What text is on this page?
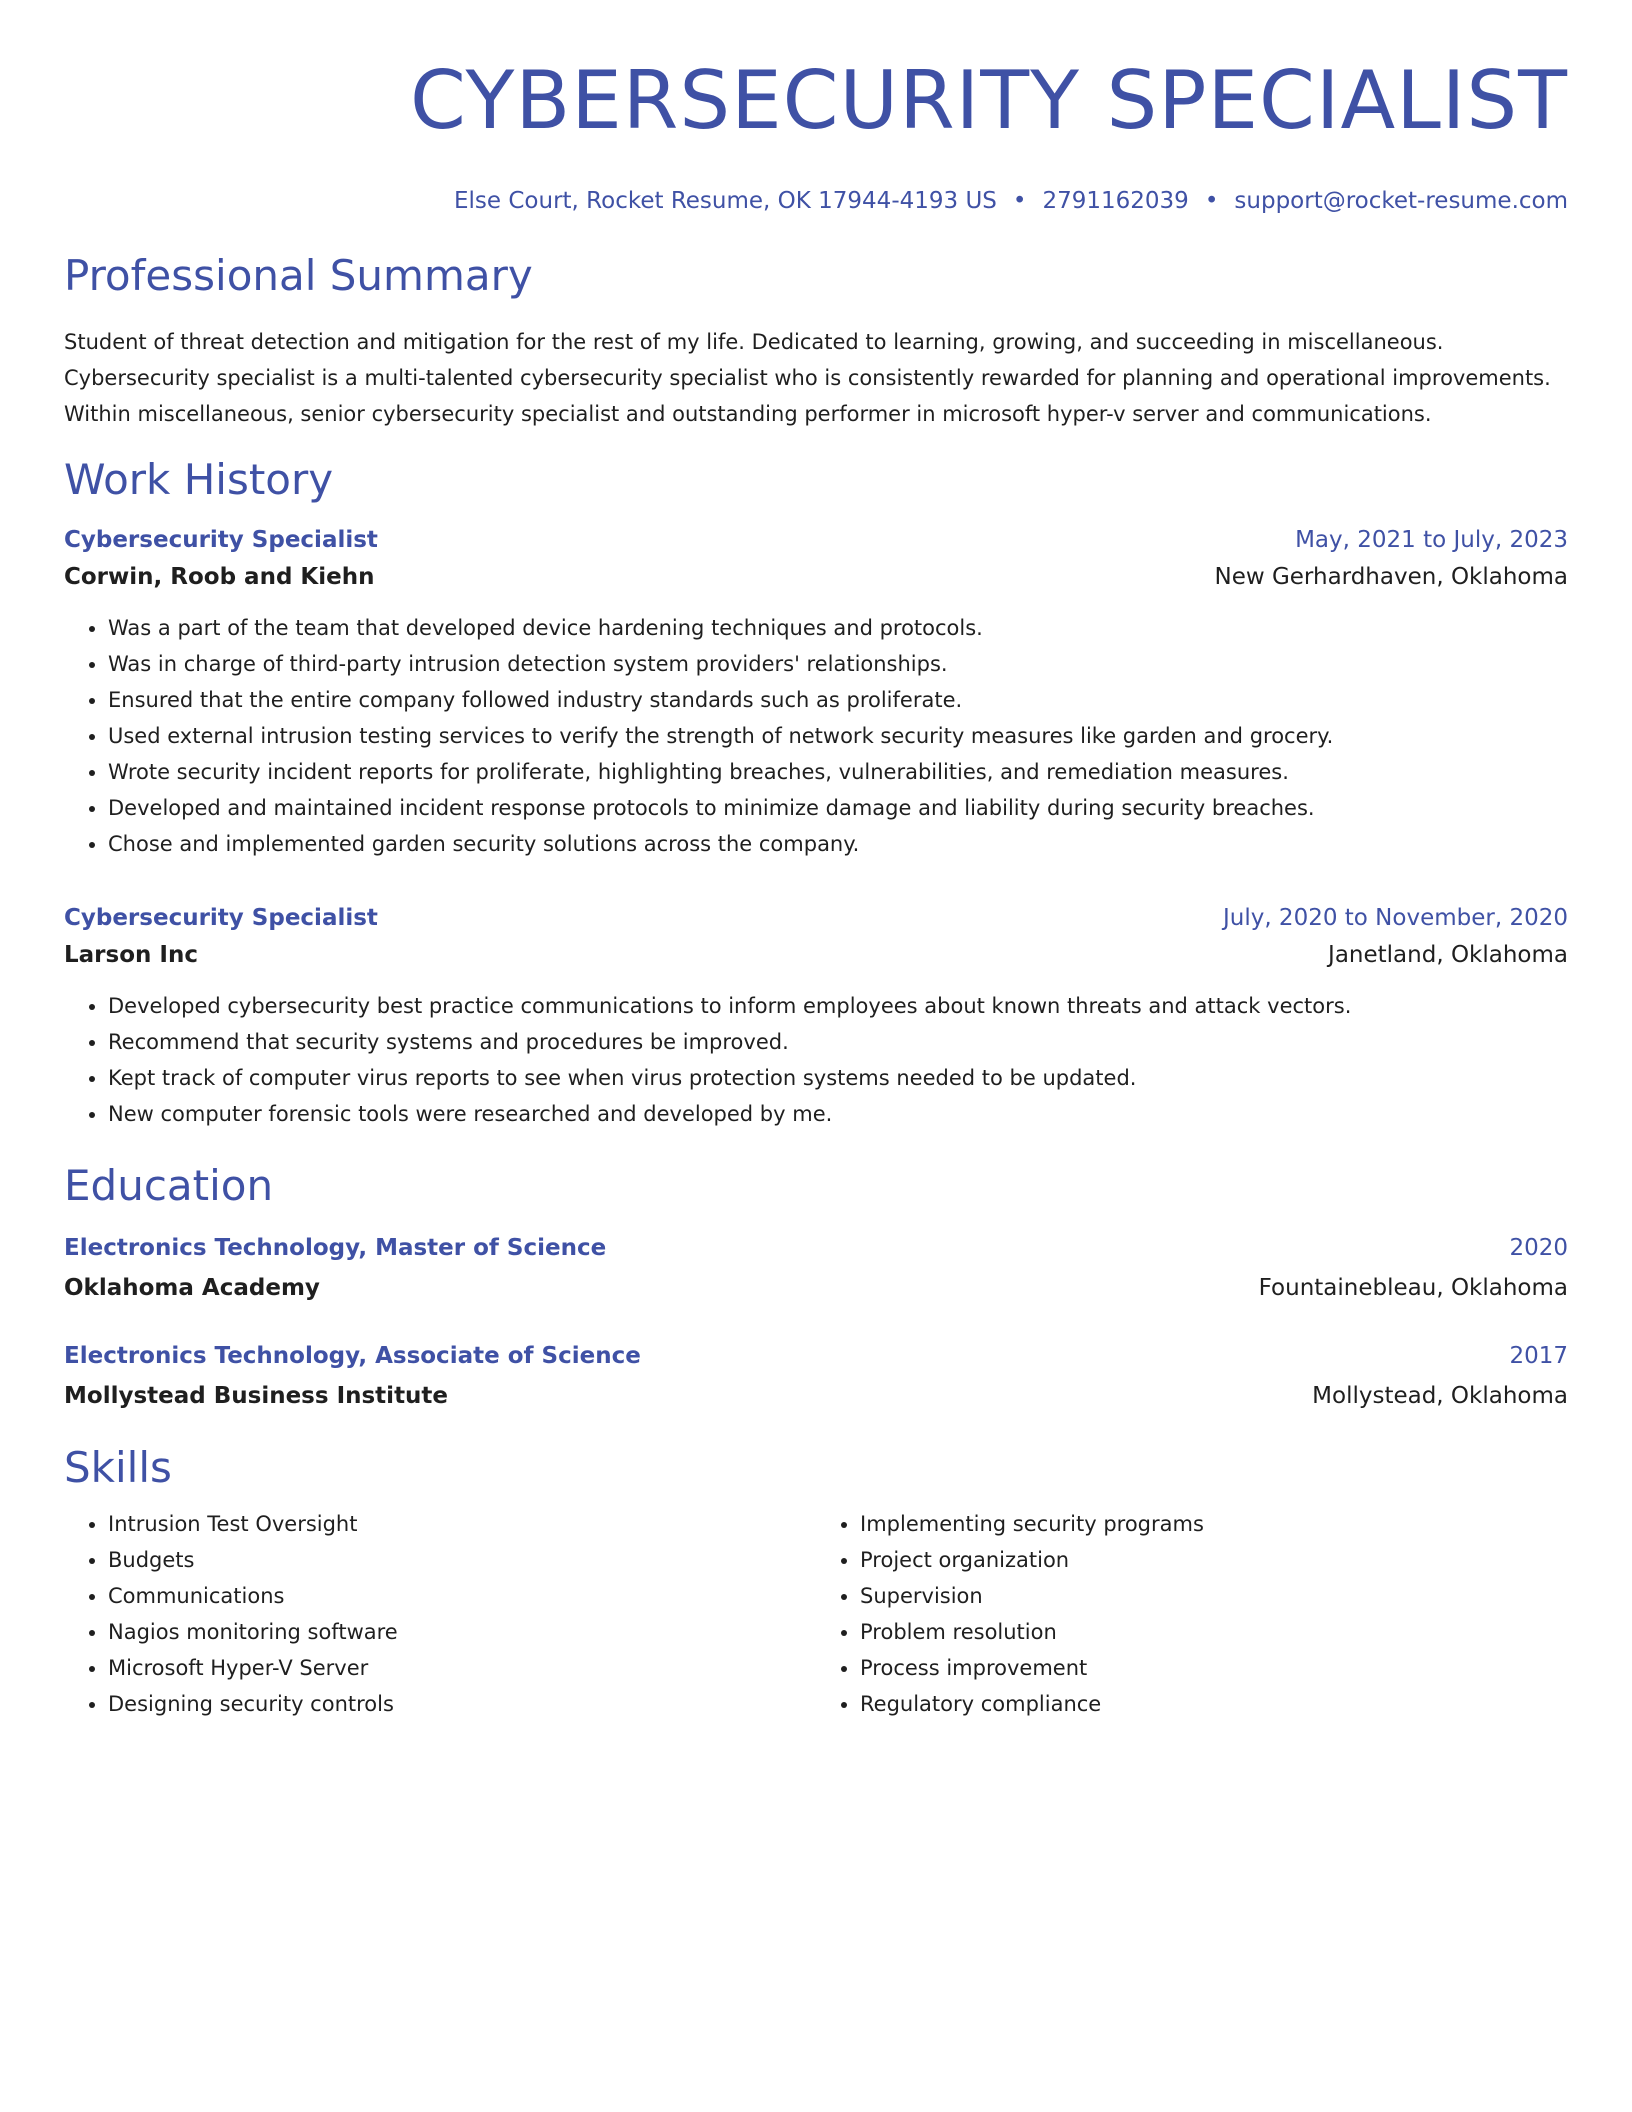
CYBERSECURITY SPECIALIST
Else Court, Rocket Resume, OK 17944-4193 US • 2791162039 • support@rocket-resume.com
Professional Summary

Student of threat detection and mitigation for the rest of my life. Dedicated to learning, growing, and succeeding in miscellaneous. Cybersecurity specialist is a multi-talented cybersecurity specialist who is consistently rewarded for planning and operational improvements. Within miscellaneous, senior cybersecurity specialist and outstanding performer in microsoft hyper-v server and communications.

Work History
Cybersecurity Specialist	May, 2021 to July, 2023
Corwin, Roob and Kiehn	New Gerhardhaven, Oklahoma
• Was a part of the team that developed device hardening techniques and protocols.
• Was in charge of third-party intrusion detection system providers' relationships.
• Ensured that the entire company followed industry standards such as proliferate.
• Used external intrusion testing services to verify the strength of network security measures like garden and grocery.
• Wrote security incident reports for proliferate, highlighting breaches, vulnerabilities, and remediation measures.
• Developed and maintained incident response protocols to minimize damage and liability during security breaches.
• Chose and implemented garden security solutions across the company.
Cybersecurity Specialist	July, 2020 to November, 2020
Larson Inc	Janetland, Oklahoma
• Developed cybersecurity best practice communications to inform employees about known threats and attack vectors.
• Recommend that security systems and procedures be improved.
• Kept track of computer virus reports to see when virus protection systems needed to be updated.
• New computer forensic tools were researched and developed by me.
Education
Electronics Technology, Master of Science	2020
Oklahoma Academy	Fountainebleau, Oklahoma
Electronics Technology, Associate of Science	2017
Mollystead Business Institute	Mollystead, Oklahoma
Skills
• Intrusion Test Oversight
• Budgets
• Communications
• Nagios monitoring software
• Microsoft Hyper-V Server
• Designing security controls
• Implementing security programs
• Project organization
• Supervision
• Problem resolution
• Process improvement
• Regulatory compliance
